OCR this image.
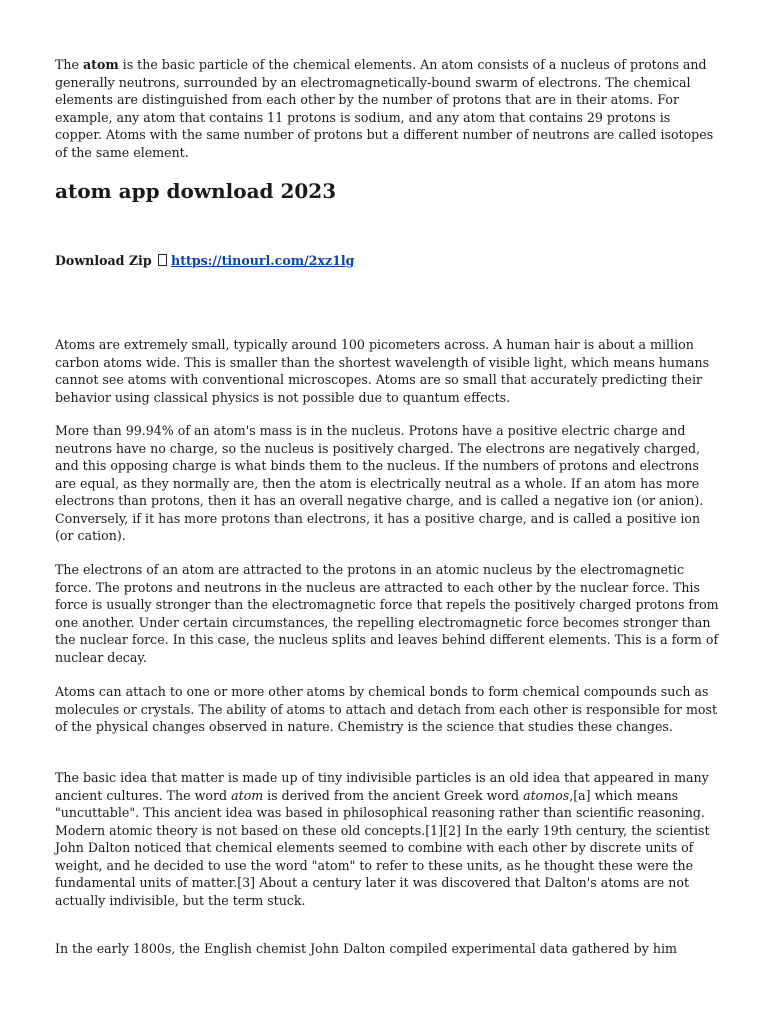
The atom is the basic particle of the chemical elements. An atom consists of a nucleus of protons and generally neutrons, surrounded by an electromagnetically-bound swarm of electrons. The chemical elements are distinguished from each other by the number of protons that are in their atoms. For example, any atom that contains 11 protons is sodium, and any atom that contains 29 protons is copper. Atoms with the same number of protons but a different number of neutrons are called isotopes of the same element.

atom app download 2023

Download Zip https://tinourl.com/2xz1lg

Atoms are extremely small, typically around 100 picometers across. A human hair is about a million carbon atoms wide. This is smaller than the shortest wavelength of visible light, which means humans cannot see atoms with conventional microscopes. Atoms are so small that accurately predicting their behavior using classical physics is not possible due to quantum effects.

More than 99.94% of an atom's mass is in the nucleus. Protons have a positive electric charge and neutrons have no charge, so the nucleus is positively charged. The electrons are negatively charged, and this opposing charge is what binds them to the nucleus. If the numbers of protons and electrons are equal, as they normally are, then the atom is electrically neutral as a whole. If an atom has more electrons than protons, then it has an overall negative charge, and is called a negative ion (or anion). Conversely, if it has more protons than electrons, it has a positive charge, and is called a positive ion (or cation).

The electrons of an atom are attracted to the protons in an atomic nucleus by the electromagnetic force. The protons and neutrons in the nucleus are attracted to each other by the nuclear force. This force is usually stronger than the electromagnetic force that repels the positively charged protons from one another. Under certain circumstances, the repelling electromagnetic force becomes stronger than the nuclear force. In this case, the nucleus splits and leaves behind different elements. This is a form of nuclear decay.

Atoms can attach to one or more other atoms by chemical bonds to form chemical compounds such as molecules or crystals. The ability of atoms to attach and detach from each other is responsible for most of the physical changes observed in nature. Chemistry is the science that studies these changes.

The basic idea that matter is made up of tiny indivisible particles is an old idea that appeared in many ancient cultures. The word atom is derived from the ancient Greek word atomos,[a] which means "uncuttable". This ancient idea was based in philosophical reasoning rather than scientific reasoning. Modern atomic theory is not based on these old concepts.[1][2] In the early 19th century, the scientist John Dalton noticed that chemical elements seemed to combine with each other by discrete units of weight, and he decided to use the word "atom" to refer to these units, as he thought these were the fundamental units of matter.[3] About a century later it was discovered that Dalton's atoms are not actually indivisible, but the term stuck.

In the early 1800s, the English chemist John Dalton compiled experimental data gathered by him
